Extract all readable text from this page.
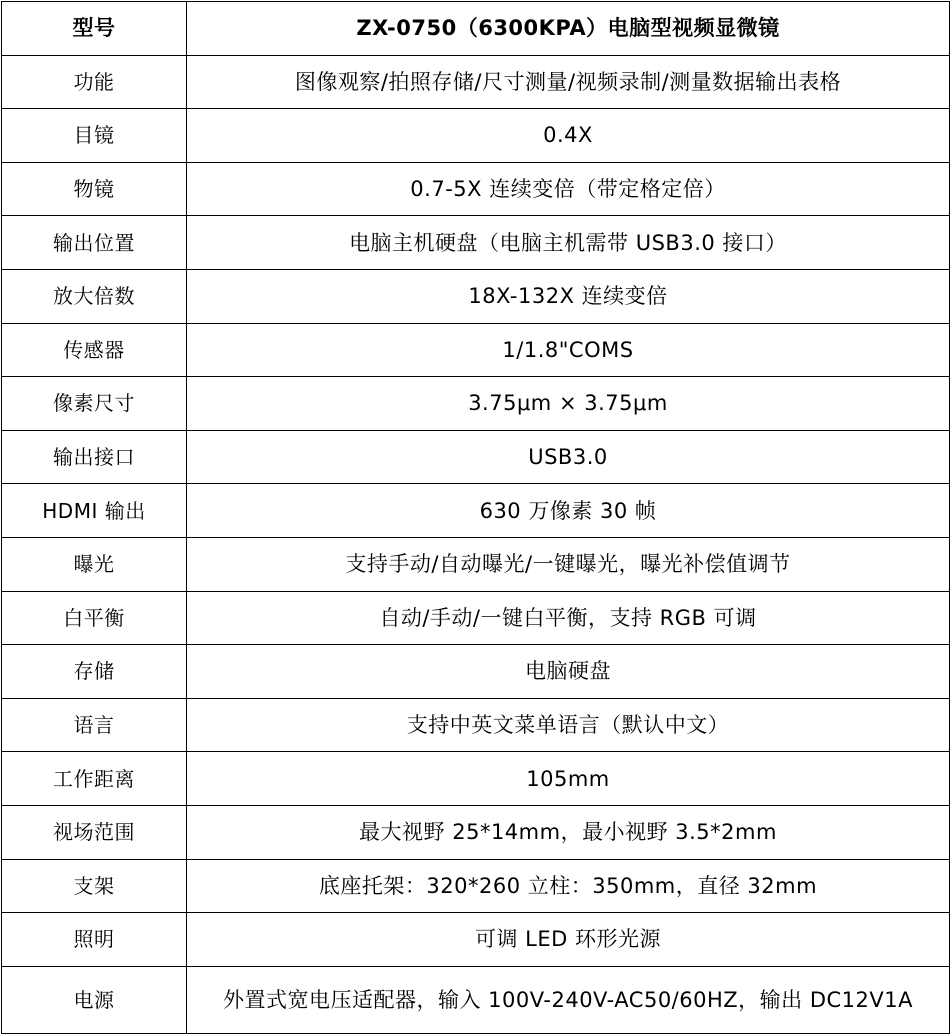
型号	ZX-0750（6300KPA）电脑型视频显微镜
功能	图像观察/拍照存储/尺寸测量/视频录制/测量数据输出表格
目镜	0.4X
物镜	0.7-5X 连续变倍（带定格定倍）
输出位置	电脑主机硬盘（电脑主机需带 USB3.0 接口）
放大倍数	18X-132X 连续变倍
传感器	1/1.8"COMS
像素尺寸	3.75μm × 3.75μm
输出接口	USB3.0
HDMI 输出	630 万像素 30 帧
曝光	支持手动/自动曝光/一键曝光，曝光补偿值调节
白平衡	自动/手动/一键白平衡，支持 RGB 可调
存储	电脑硬盘
语言	支持中英文菜单语言（默认中文）
工作距离	105mm
视场范围	最大视野 25*14mm，最小视野 3.5*2mm
支架	底座托架：320*260 立柱：350mm，直径 32mm
照明	可调 LED 环形光源
电源	外置式宽电压适配器，输入 100V-240V-AC50/60HZ，输出 DC12V1A
